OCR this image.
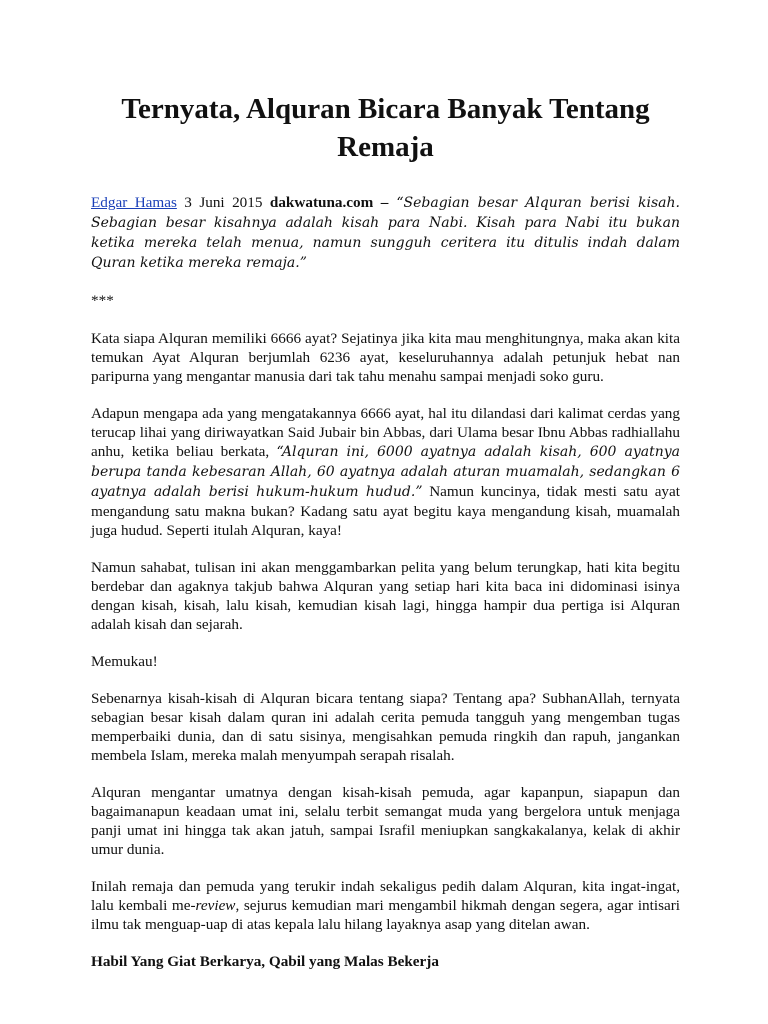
Ternyata, Alquran Bicara Banyak Tentang Remaja

Edgar Hamas 3 Juni 2015 dakwatuna.com – “Sebagian besar Alquran berisi kisah. Sebagian besar kisahnya adalah kisah para Nabi. Kisah para Nabi itu bukan ketika mereka telah menua, namun sungguh ceritera itu ditulis indah dalam Quran ketika mereka remaja.”

***

Kata siapa Alquran memiliki 6666 ayat? Sejatinya jika kita mau menghitungnya, maka akan kita temukan Ayat Alquran berjumlah 6236 ayat, keseluruhannya adalah petunjuk hebat nan paripurna yang mengantar manusia dari tak tahu menahu sampai menjadi soko guru.

Adapun mengapa ada yang mengatakannya 6666 ayat, hal itu dilandasi dari kalimat cerdas yang terucap lihai yang diriwayatkan Said Jubair bin Abbas, dari Ulama besar Ibnu Abbas radhiallahu anhu, ketika beliau berkata, “Alquran ini, 6000 ayatnya adalah kisah, 600 ayatnya berupa tanda kebesaran Allah, 60 ayatnya adalah aturan muamalah, sedangkan 6 ayatnya adalah berisi hukum-hukum hudud.” Namun kuncinya, tidak mesti satu ayat mengandung satu makna bukan? Kadang satu ayat begitu kaya mengandung kisah, muamalah juga hudud. Seperti itulah Alquran, kaya!

Namun sahabat, tulisan ini akan menggambarkan pelita yang belum terungkap, hati kita begitu berdebar dan agaknya takjub bahwa Alquran yang setiap hari kita baca ini didominasi isinya dengan kisah, kisah, lalu kisah, kemudian kisah lagi, hingga hampir dua pertiga isi Alquran adalah kisah dan sejarah.

Memukau!

Sebenarnya kisah-kisah di Alquran bicara tentang siapa? Tentang apa? SubhanAllah, ternyata sebagian besar kisah dalam quran ini adalah cerita pemuda tangguh yang mengemban tugas memperbaiki dunia, dan di satu sisinya, mengisahkan pemuda ringkih dan rapuh, jangankan membela Islam, mereka malah menyumpah serapah risalah.

Alquran mengantar umatnya dengan kisah-kisah pemuda, agar kapanpun, siapapun dan bagaimanapun keadaan umat ini, selalu terbit semangat muda yang bergelora untuk menjaga panji umat ini hingga tak akan jatuh, sampai Israfil meniupkan sangkakalanya, kelak di akhir umur dunia.

Inilah remaja dan pemuda yang terukir indah sekaligus pedih dalam Alquran, kita ingat-ingat, lalu kembali me-review, sejurus kemudian mari mengambil hikmah dengan segera, agar intisari ilmu tak menguap-uap di atas kepala lalu hilang layaknya asap yang ditelan awan.

Habil Yang Giat Berkarya, Qabil yang Malas Bekerja
